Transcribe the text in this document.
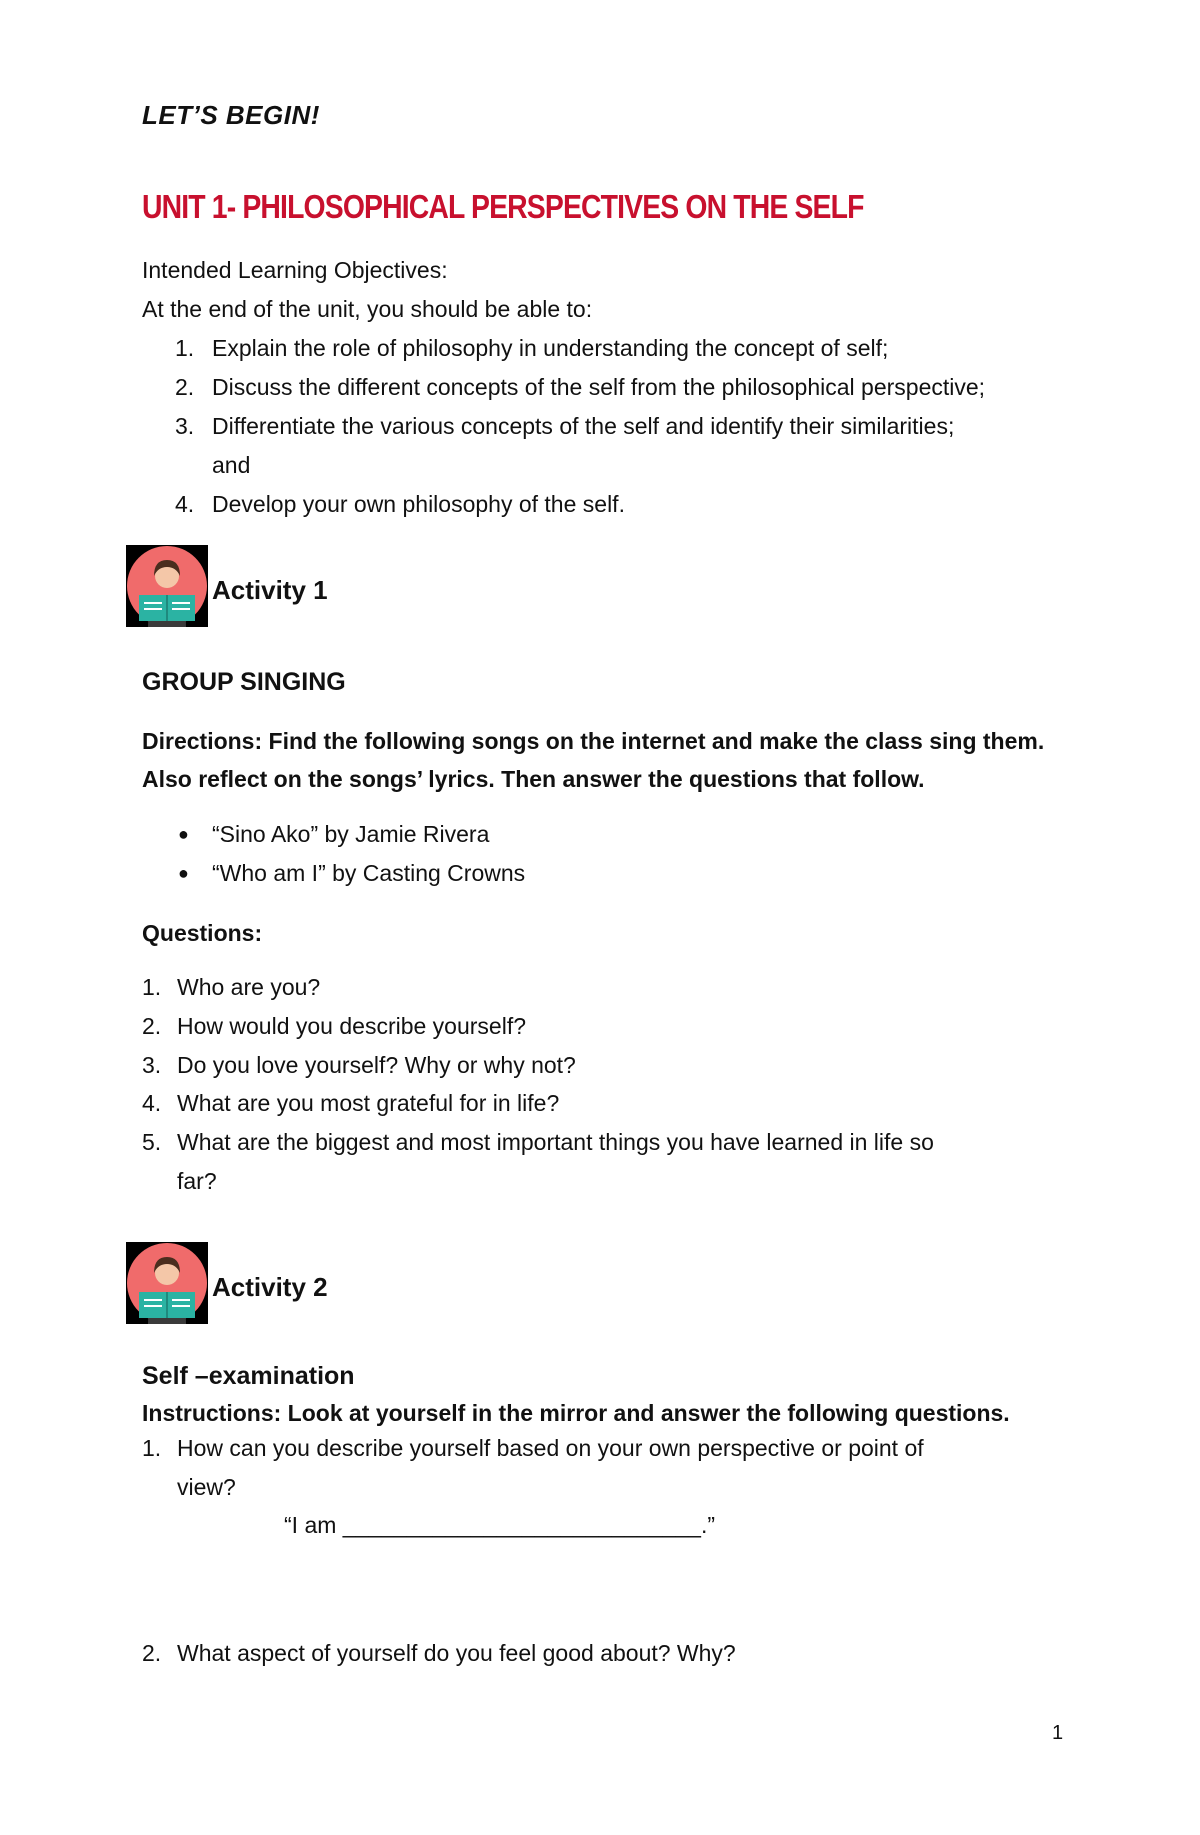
LET’S BEGIN!
UNIT 1- PHILOSOPHICAL PERSPECTIVES ON THE SELF
Intended Learning Objectives:
At the end of the unit, you should be able to:
1. Explain the role of philosophy in understanding the concept of self;
2. Discuss the different concepts of the self from the philosophical perspective;
3. Differentiate the various concepts of the self and identify their similarities;
and
4. Develop your own philosophy of the self.
Activity 1
GROUP SINGING
Directions: Find the following songs on the internet and make the class sing them.
Also reflect on the songs’ lyrics. Then answer the questions that follow.
● “Sino Ako” by Jamie Rivera
● “Who am I” by Casting Crowns
Questions:
1. Who are you?
2. How would you describe yourself?
3. Do you love yourself? Why or why not?
4. What are you most grateful for in life?
5. What are the biggest and most important things you have learned in life so
far?
Activity 2
Self –examination
Instructions: Look at yourself in the mirror and answer the following questions.
1. How can you describe yourself based on your own perspective or point of
view?
“I am ____________________________.”
2. What aspect of yourself do you feel good about? Why?
1
